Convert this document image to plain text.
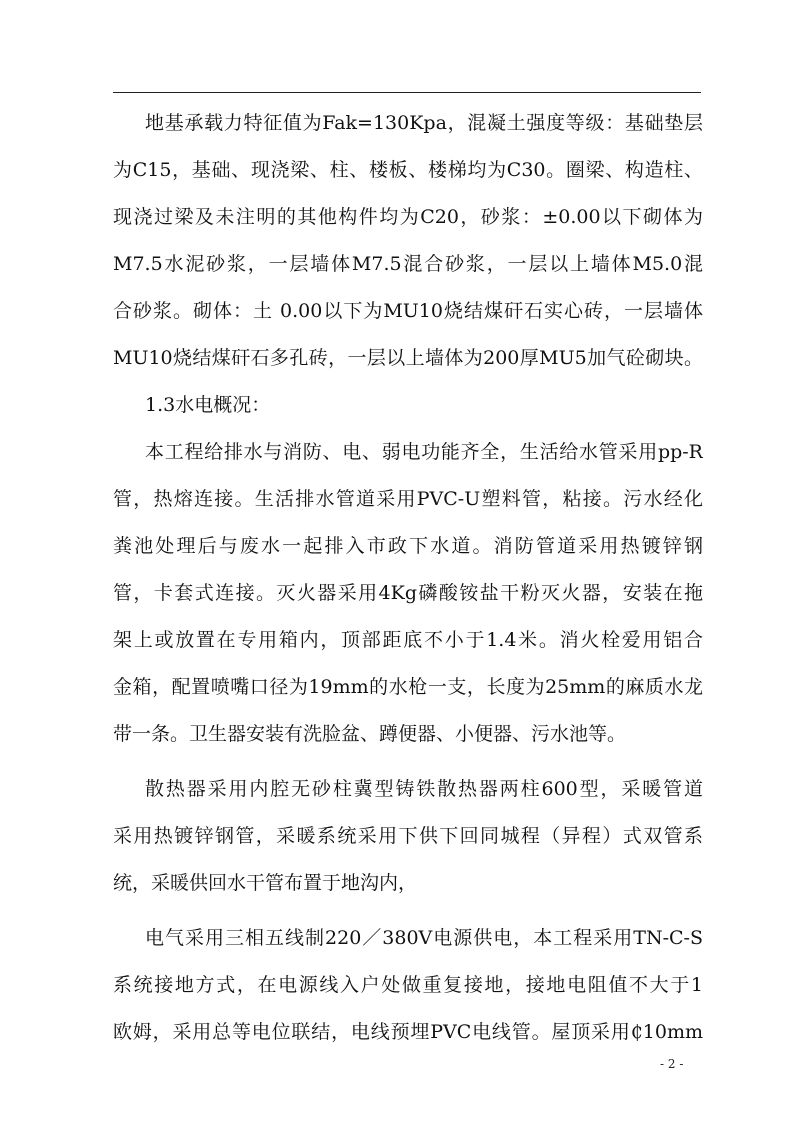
地基承载力特征值为Fak=130Kpa，混凝土强度等级：基础垫层
为C15，基础、现浇梁、柱、楼板、楼梯均为C30。圈梁、构造柱、
现浇过梁及未注明的其他构件均为C20，砂浆：±0.00以下砌体为
M7.5水泥砂浆，一层墙体M7.5混合砂浆，一层以上墙体M5.0混
合砂浆。砌体：土 0.00以下为MU10烧结煤矸石实心砖，一层墙体
MU10烧结煤矸石多孔砖，一层以上墙体为200厚MU5加气砼砌块。
1.3水电概况：
本工程给排水与消防、电、弱电功能齐全，生活给水管采用pp-R
管，热熔连接。生活排水管道采用PVC-U塑料管，粘接。污水经化
粪池处理后与废水一起排入市政下水道。消防管道采用热镀锌钢
管，卡套式连接。灭火器采用4Kg磷酸铵盐干粉灭火器，安装在拖
架上或放置在专用箱内，顶部距底不小于1.4米。消火栓爱用铝合
金箱，配置喷嘴口径为19mm的水枪一支，长度为25mm的麻质水龙
带一条。卫生器安装有洗脸盆、蹲便器、小便器、污水池等。
散热器采用内腔无砂柱冀型铸铁散热器两柱600型，采暖管道
采用热镀锌钢管，采暖系统采用下供下回同城程（异程）式双管系
统，采暖供回水干管布置于地沟内，
电气采用三相五线制220／380V电源供电，本工程采用TN-C-S
系统接地方式，在电源线入户处做重复接地，接地电阻值不大于1
欧姆，采用总等电位联结，电线预埋PVC电线管。屋顶采用₵10mm
- 2 -
